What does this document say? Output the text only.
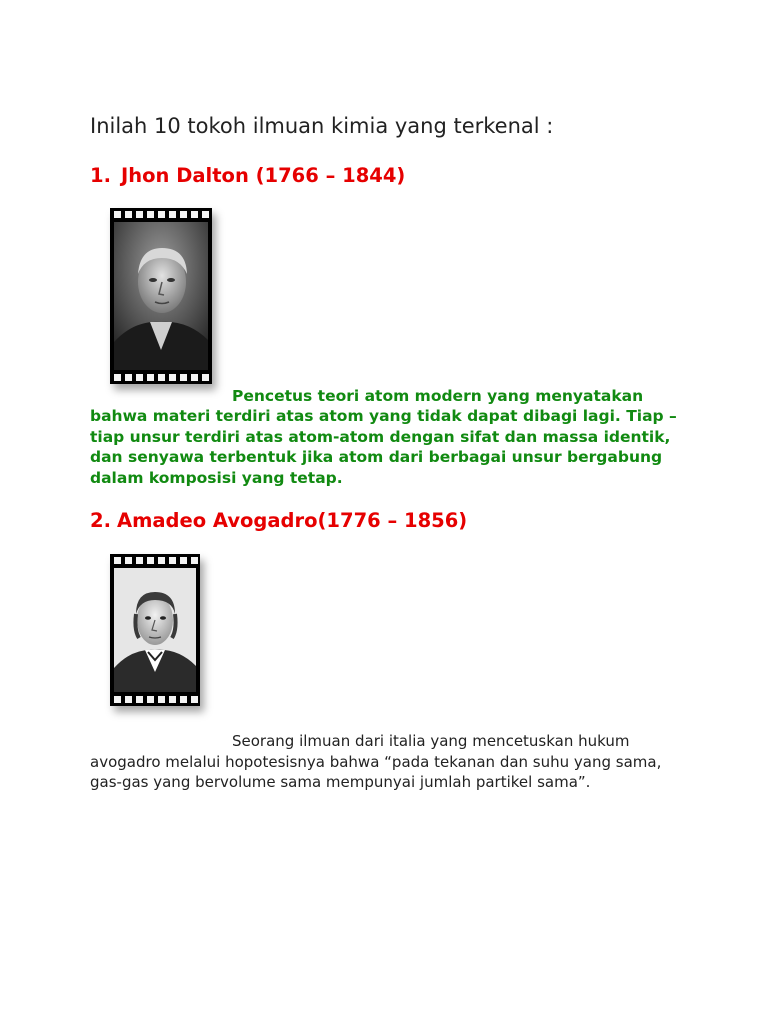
Inilah 10 tokoh ilmuan kimia yang terkenal :
1. Jhon Dalton (1766 – 1844)

Pencetus teori atom modern yang menyatakan bahwa materi terdiri atas atom yang tidak dapat dibagi lagi. Tiap – tiap unsur terdiri atas atom-atom dengan sifat dan massa identik, dan senyawa terbentuk jika atom dari berbagai unsur bergabung dalam komposisi yang tetap.

2. Amadeo Avogadro(1776 – 1856)

Seorang ilmuan dari italia yang mencetuskan hukum avogadro melalui hopotesisnya bahwa “pada tekanan dan suhu yang sama, gas-gas yang bervolume sama mempunyai jumlah partikel sama”.
